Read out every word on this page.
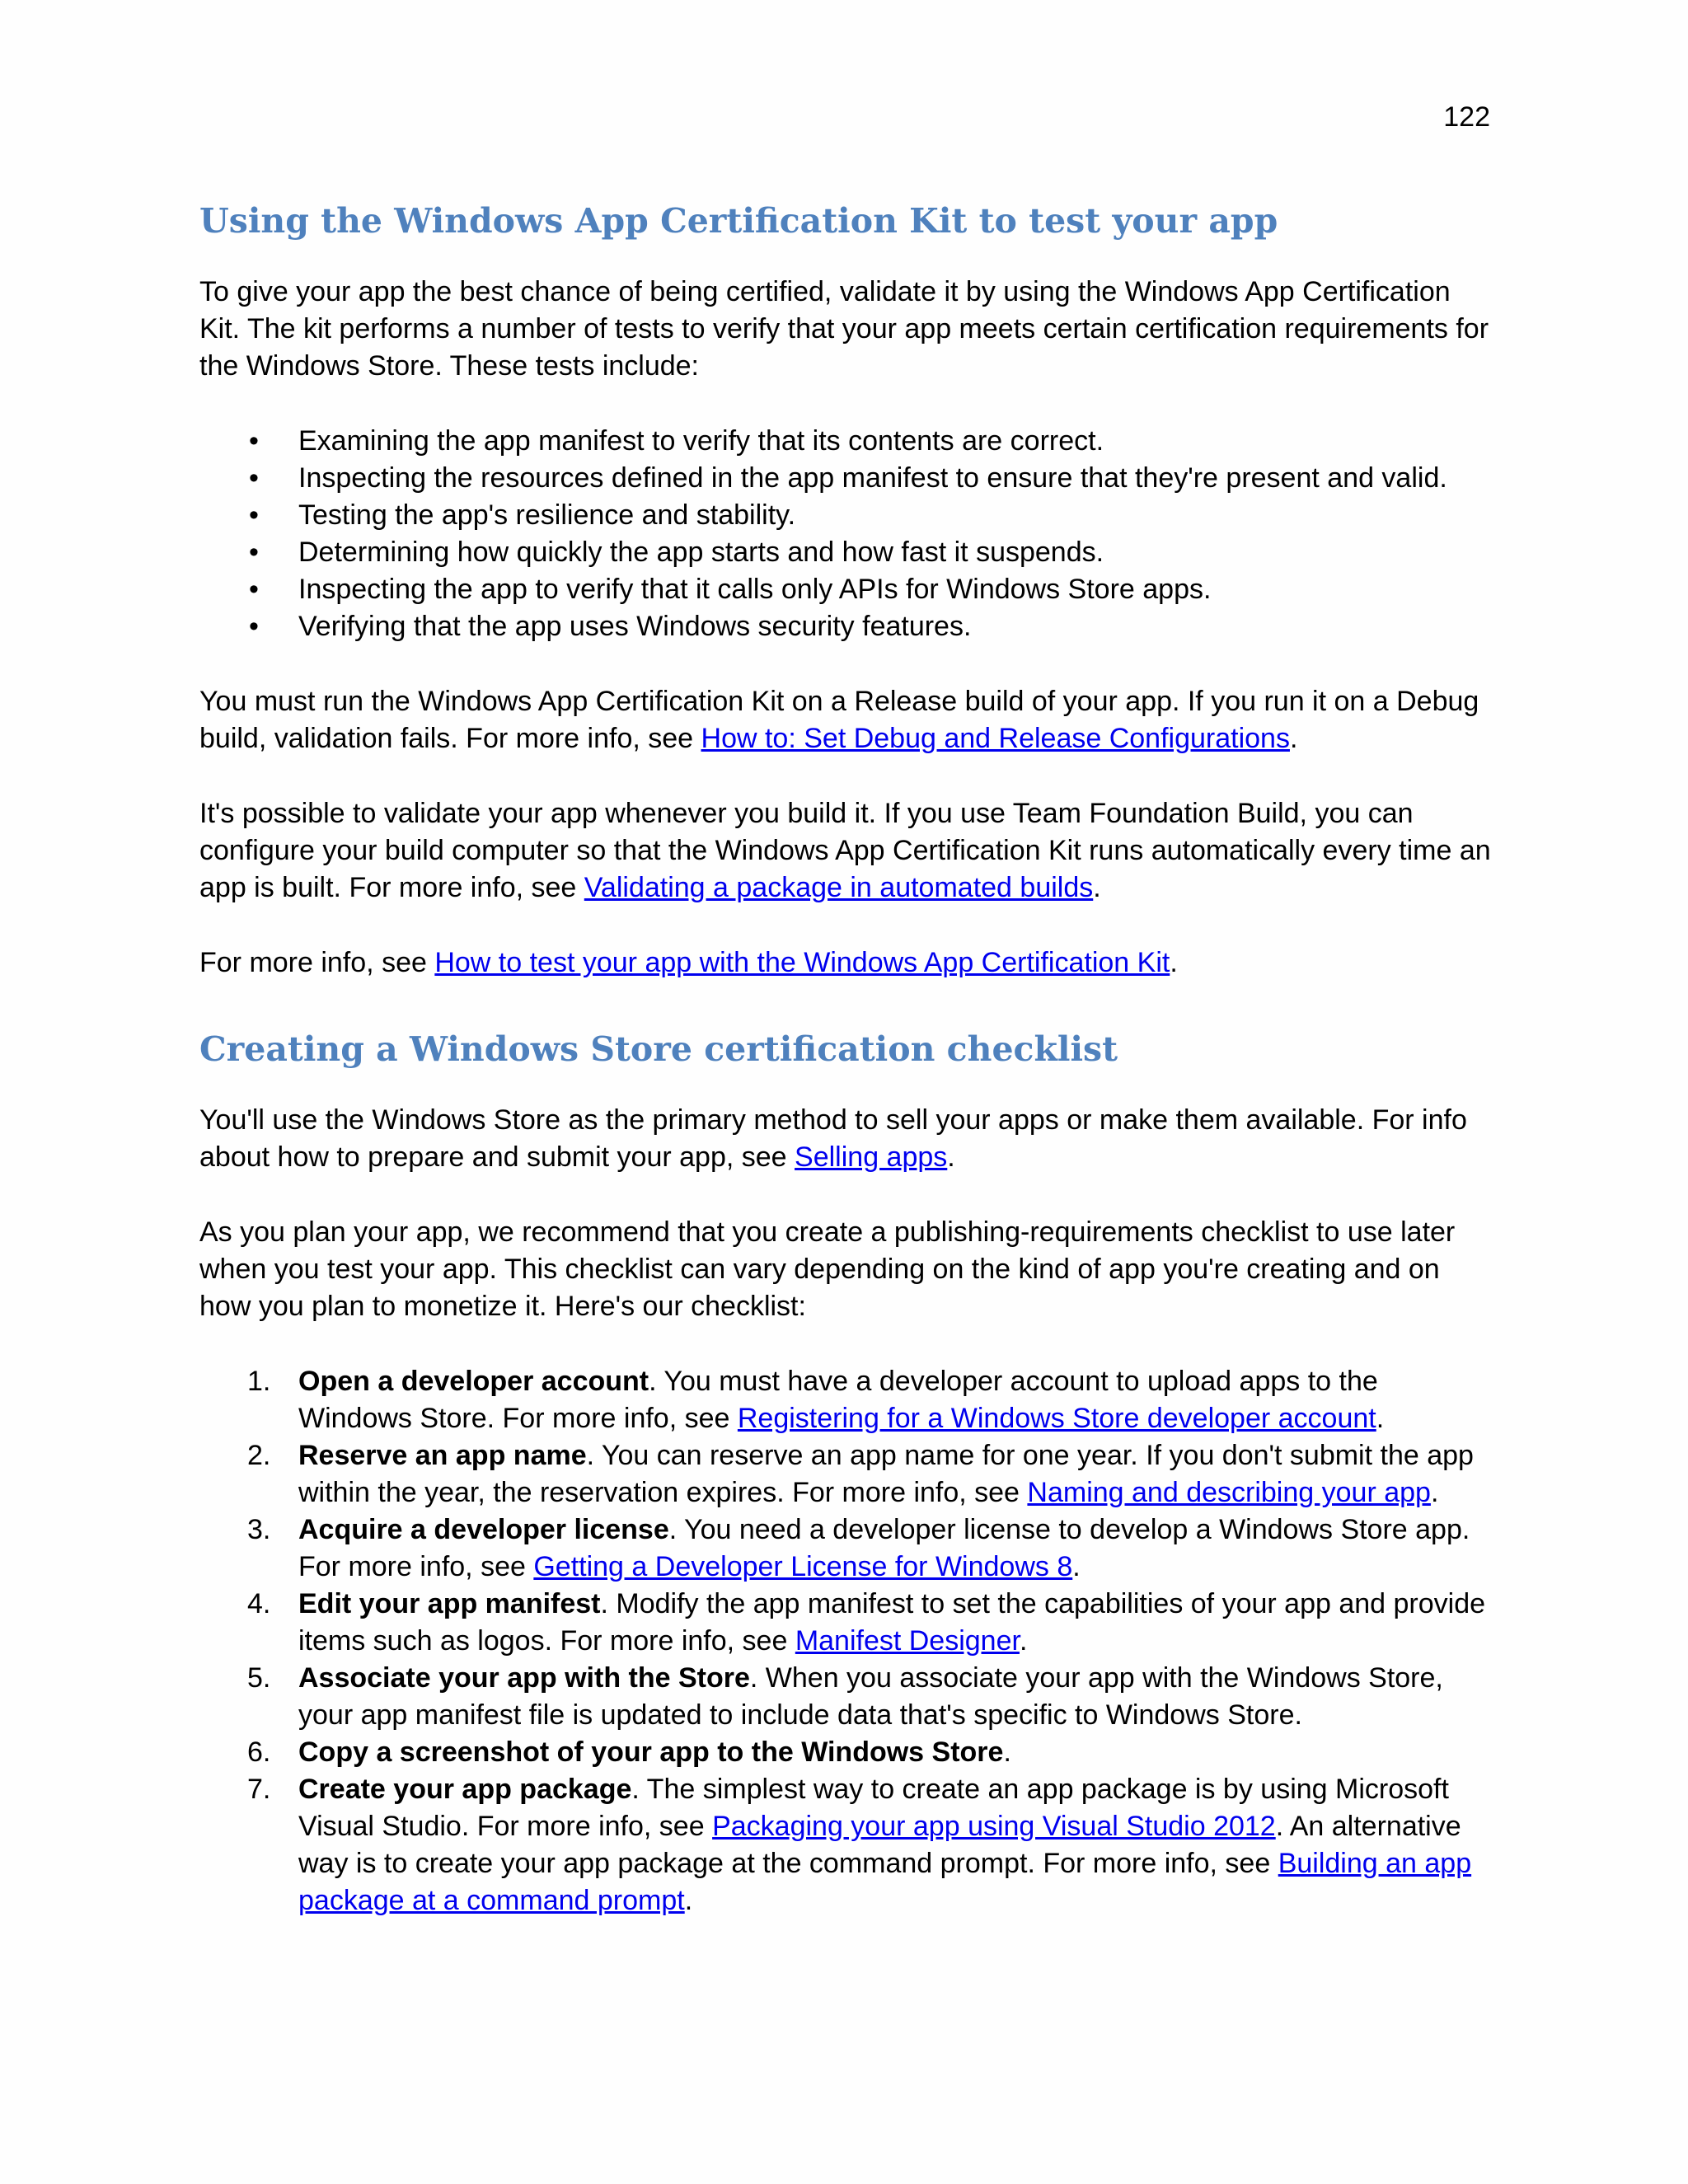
122
Using the Windows App Certification Kit to test your app

To give your app the best chance of being certified, validate it by using the Windows App Certification Kit. The kit performs a number of tests to verify that your app meets certain certification requirements for the Windows Store. These tests include:

• Examining the app manifest to verify that its contents are correct.
• Inspecting the resources defined in the app manifest to ensure that they're present and valid.
• Testing the app's resilience and stability.
• Determining how quickly the app starts and how fast it suspends.
• Inspecting the app to verify that it calls only APIs for Windows Store apps.
• Verifying that the app uses Windows security features.

You must run the Windows App Certification Kit on a Release build of your app. If you run it on a Debug build, validation fails. For more info, see How to: Set Debug and Release Configurations.

It's possible to validate your app whenever you build it. If you use Team Foundation Build, you can configure your build computer so that the Windows App Certification Kit runs automatically every time an app is built. For more info, see Validating a package in automated builds.

For more info, see How to test your app with the Windows App Certification Kit.

Creating a Windows Store certification checklist

You'll use the Windows Store as the primary method to sell your apps or make them available. For info about how to prepare and submit your app, see Selling apps.

As you plan your app, we recommend that you create a publishing-requirements checklist to use later when you test your app. This checklist can vary depending on the kind of app you're creating and on how you plan to monetize it. Here's our checklist:

1. Open a developer account. You must have a developer account to upload apps to the Windows Store. For more info, see Registering for a Windows Store developer account.
2. Reserve an app name. You can reserve an app name for one year. If you don't submit the app within the year, the reservation expires. For more info, see Naming and describing your app.
3. Acquire a developer license. You need a developer license to develop a Windows Store app. For more info, see Getting a Developer License for Windows 8.
4. Edit your app manifest. Modify the app manifest to set the capabilities of your app and provide items such as logos. For more info, see Manifest Designer.
5. Associate your app with the Store. When you associate your app with the Windows Store, your app manifest file is updated to include data that's specific to Windows Store.
6. Copy a screenshot of your app to the Windows Store.
7. Create your app package. The simplest way to create an app package is by using Microsoft Visual Studio. For more info, see Packaging your app using Visual Studio 2012. An alternative way is to create your app package at the command prompt. For more info, see Building an app package at a command prompt.
